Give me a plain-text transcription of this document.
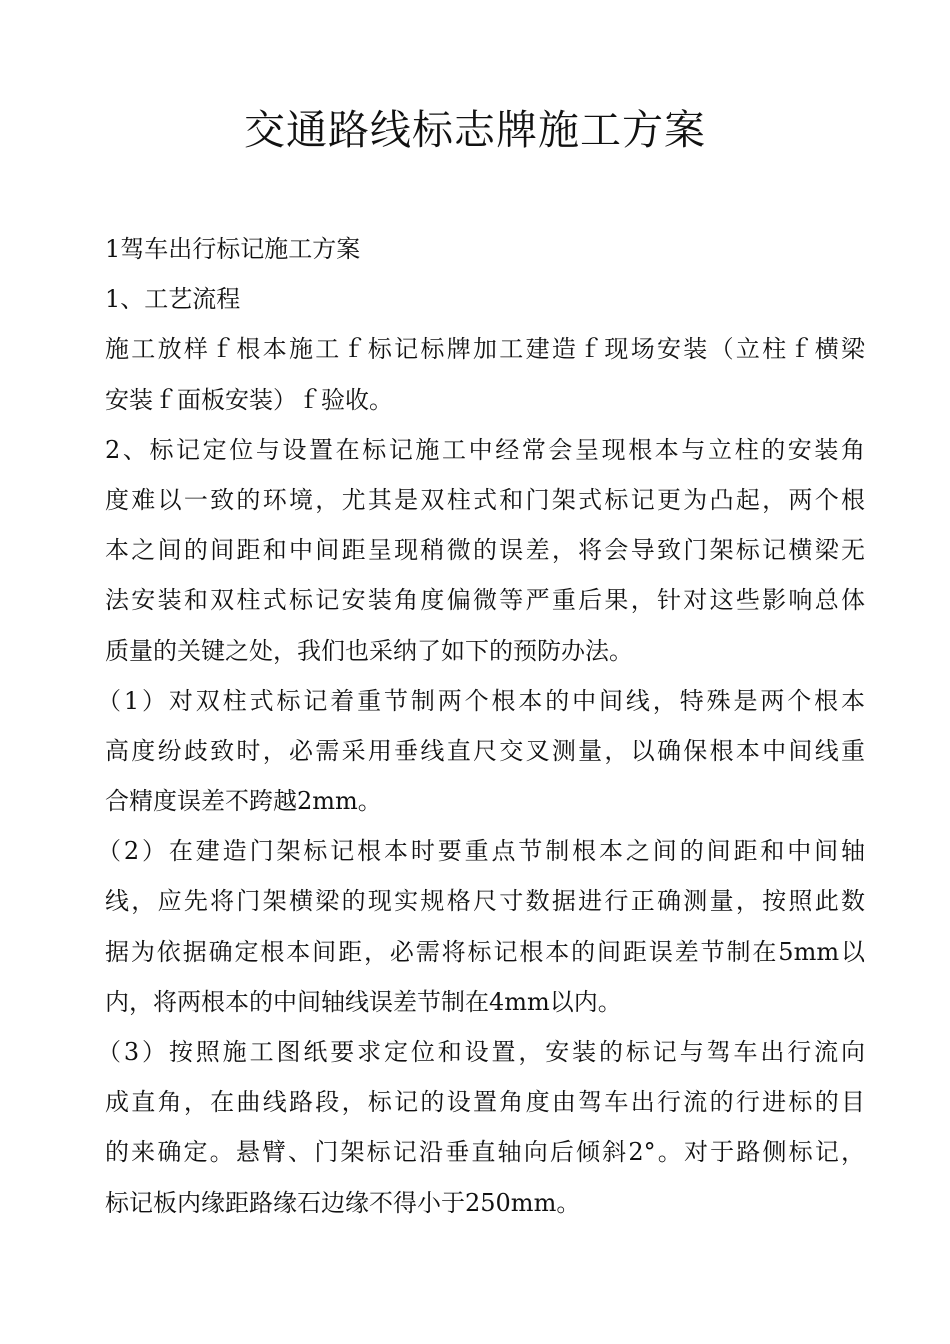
交通路线标志牌施工方案
1驾车出行标记施工方案
1、工艺流程
施工放样ｆ根本施工ｆ标记标牌加工建造ｆ现场安装（立柱ｆ横梁
安装ｆ面板安装）ｆ验收。
2、标记定位与设置在标记施工中经常会呈现根本与立柱的安装角
度难以一致的环境，尤其是双柱式和门架式标记更为凸起，两个根
本之间的间距和中间距呈现稍微的误差，将会导致门架标记横梁无
法安装和双柱式标记安装角度偏微等严重后果，针对这些影响总体
质量的关键之处，我们也采纳了如下的预防办法。
（1）对双柱式标记着重节制两个根本的中间线，特殊是两个根本
高度纷歧致时，必需采用垂线直尺交叉测量，以确保根本中间线重
合精度误差不跨越2mm。
（2）在建造门架标记根本时要重点节制根本之间的间距和中间轴
线，应先将门架横梁的现实规格尺寸数据进行正确测量，按照此数
据为依据确定根本间距，必需将标记根本的间距误差节制在5mm以
内，将两根本的中间轴线误差节制在4mm以内。
（3）按照施工图纸要求定位和设置，安装的标记与驾车出行流向
成直角，在曲线路段，标记的设置角度由驾车出行流的行进标的目
的来确定。悬臂、门架标记沿垂直轴向后倾斜2°。对于路侧标记，
标记板内缘距路缘石边缘不得小于250mm。
